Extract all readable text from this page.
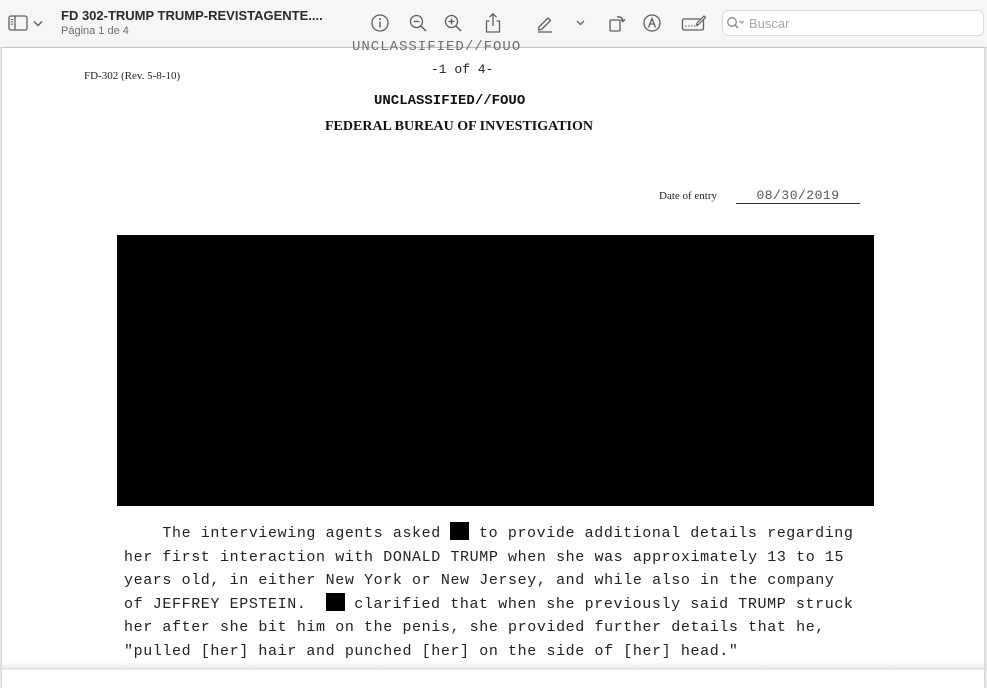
FD 302-TRUMP TRUMP-REVISTAGENTE....
Página 1 de 4
Buscar
UNCLASSIFIED//FOUO
FD-302 (Rev. 5-8-10)	-1 of 4-
UNCLASSIFIED//FOUO
FEDERAL BUREAU OF INVESTIGATION
Date of entry	08/30/2019
The interviewing agents asked  to provide additional details regarding
her first interaction with DONALD TRUMP when she was approximately 13 to 15
years old, in either New York or New Jersey, and while also in the company
of JEFFREY EPSTEIN.   clarified that when she previously said TRUMP struck
her after she bit him on the penis, she provided further details that he,
"pulled [her] hair and punched [her] on the side of [her] head."
